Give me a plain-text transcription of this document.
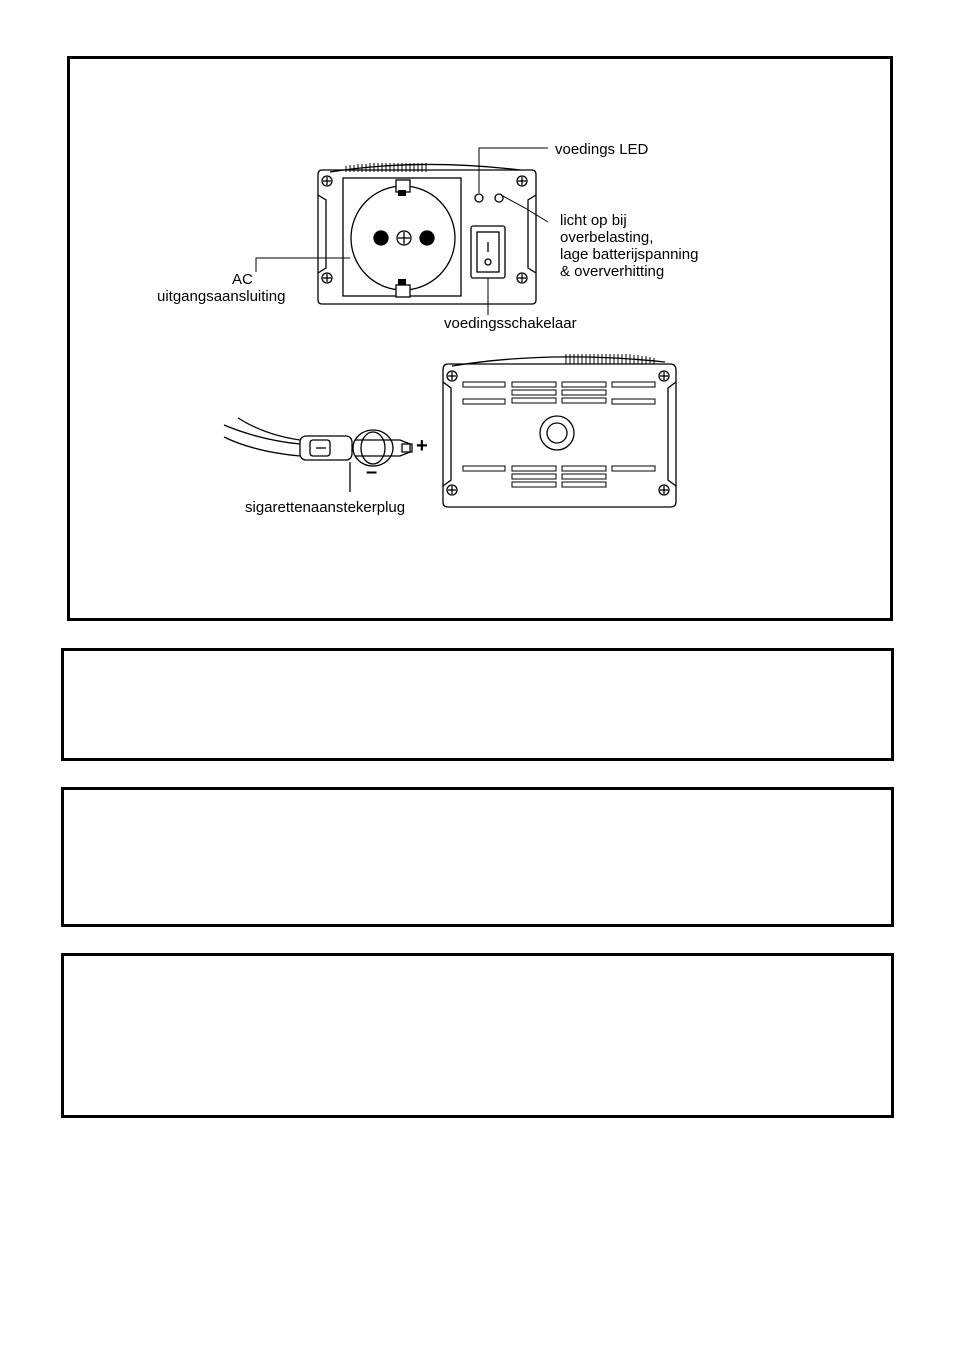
voedings LED
licht op bij
overbelasting,
lage batterijspanning
& oververhitting
AC
uitgangsaansluiting
voedingsschakelaar
+
–
sigarettenaanstekerplug
